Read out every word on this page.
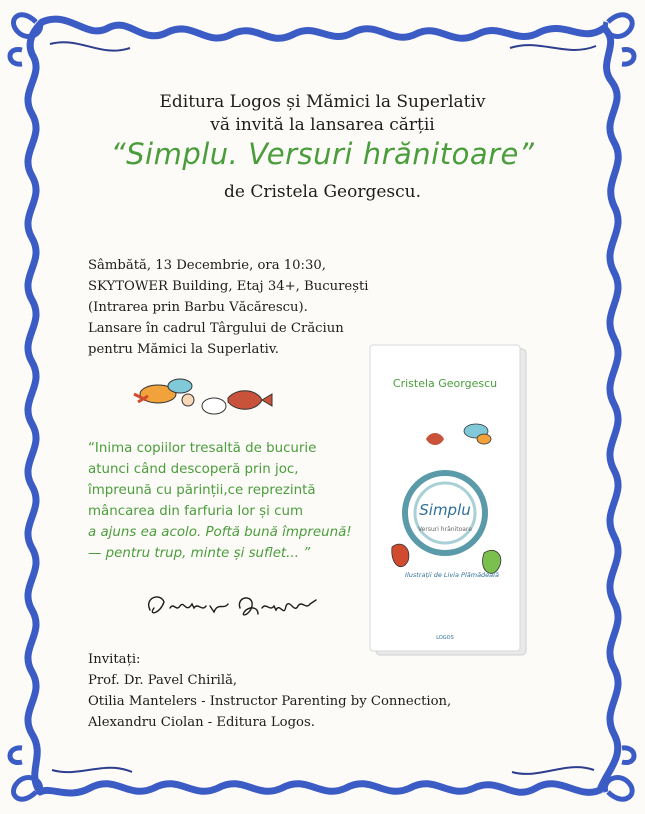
Editura Logos și Mămici la Superlativ
vă invită la lansarea cărții
“Simplu. Versuri hrănitoare”
de Cristela Georgescu.
Sâmbătă, 13 Decembrie, ora 10:30,
SKYTOWER Building, Etaj 34+, București
(Intrarea prin Barbu Văcărescu).
Lansare în cadrul Târgului de Crăciun
pentru Mămici la Superlativ.
“Inima copiilor tresaltă de bucurie
atunci când descoperă prin joc,
împreună cu părinții,ce reprezintă
mâncarea din farfuria lor și cum
a ajuns ea acolo. Poftă bună împreună!
— pentru trup, minte și suflet... ”
Invitați:
Prof. Dr. Pavel Chirilă,
Otilia Mantelers - Instructor Parenting by Connection,
Alexandru Ciolan - Editura Logos.
Cristela Georgescu
Simplu
Versuri hrănitoare
Ilustrații de Livia Plămădeală
LOGOS
